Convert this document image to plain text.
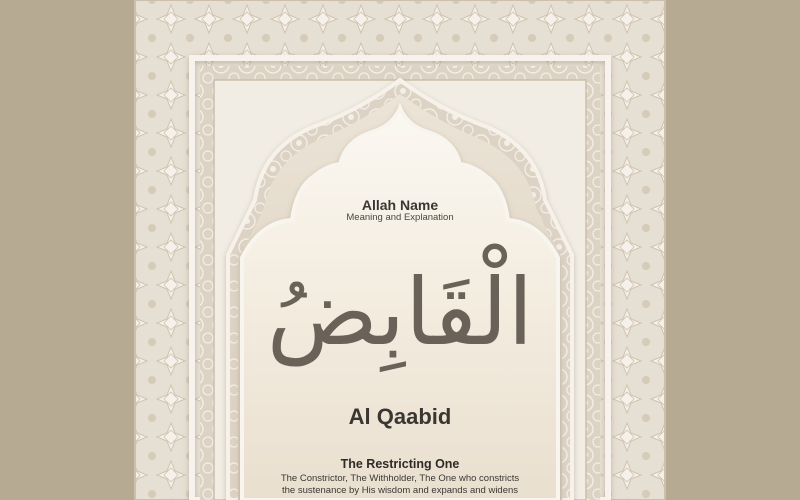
Allah Name
Meaning and Explanation
الْقَابِضُ
Al Qaabid
The Restricting One
The Constrictor, The Withholder, The One who constricts
the sustenance by His wisdom and expands and widens
